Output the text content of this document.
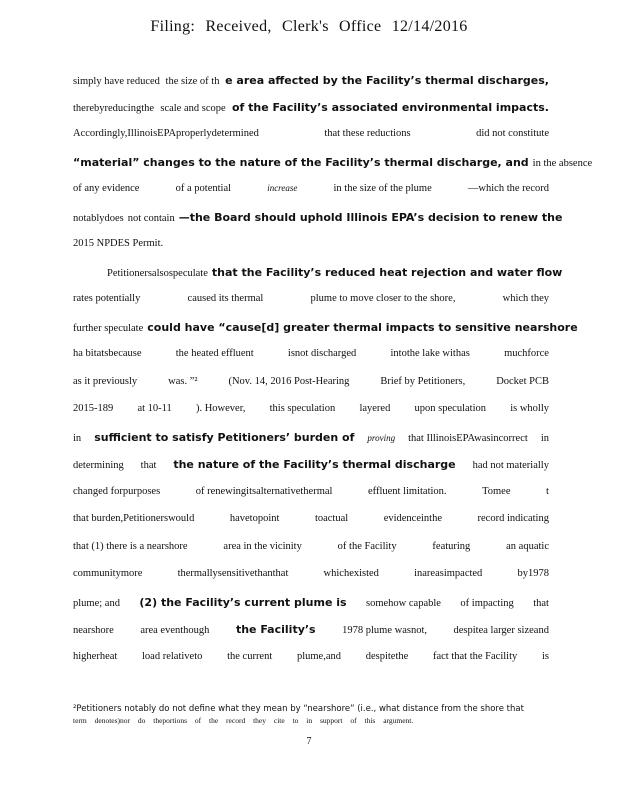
Filing: Received, Clerk's Office 12/14/2016
simply have reduced the size of th e area affected by the Facility’s thermal discharges,
therebyreducingthe scale and scope of the Facility’s associated environmental impacts.
Accordingly,IllinoisEPAproperlydetermined	that these reductions	did not constitute
“material” changes to the nature of the Facility’s thermal discharge, and in the absence
of any evidence	of a potential	increase	in the size of the plume	—which the record
notablydoes not contain —the Board should uphold Illinois EPA’s decision to renew the
2015 NPDES Permit.
Petitionersalsospeculate that the Facility’s reduced heat rejection and water flow
rates potentially	caused its thermal	plume to move closer to the shore,	which they
further speculate could have “cause[d] greater thermal impacts to sensitive nearshore
ha bitatsbecause	the heated effluent	isnot discharged	intothe lake withas	muchforce
as it previously	was. ”²	(Nov. 14, 2016 Post-Hearing	Brief by Petitioners,	Docket PCB
2015-189 at 10-11 ). However, this speculation layered upon speculation is wholly
in sufficient to satisfy Petitioners’ burden of proving that IllinoisEPAwasincorrect in
determining that the nature of the Facility’s thermal discharge had not materially
changed forpurposes	of renewingitsalternativethermal	effluent limitation.	Tomee	t
that burden,Petitionerswould	havetopoint	toactual	evidenceinthe	record indicating
that (1) there is a nearshore	area in the vicinity	of the Facility	featuring	an aquatic
communitymore	thermallysensitivethanthat	whichexisted	inareasimpacted	by1978
plume; and (2) the Facility’s current plume is somehow capable of impacting that
nearshore	area eventhough the Facility’s	1978 plume wasnot,	despitea larger sizeand
higherheat load relativeto the current plume,and despitethe fact that the Facility is
²Petitioners notably do not define what they mean by “nearshore” (i.e., what distance from the shore that
term denotes)nor do theportions of the record they cite to in support of this argument.
7
